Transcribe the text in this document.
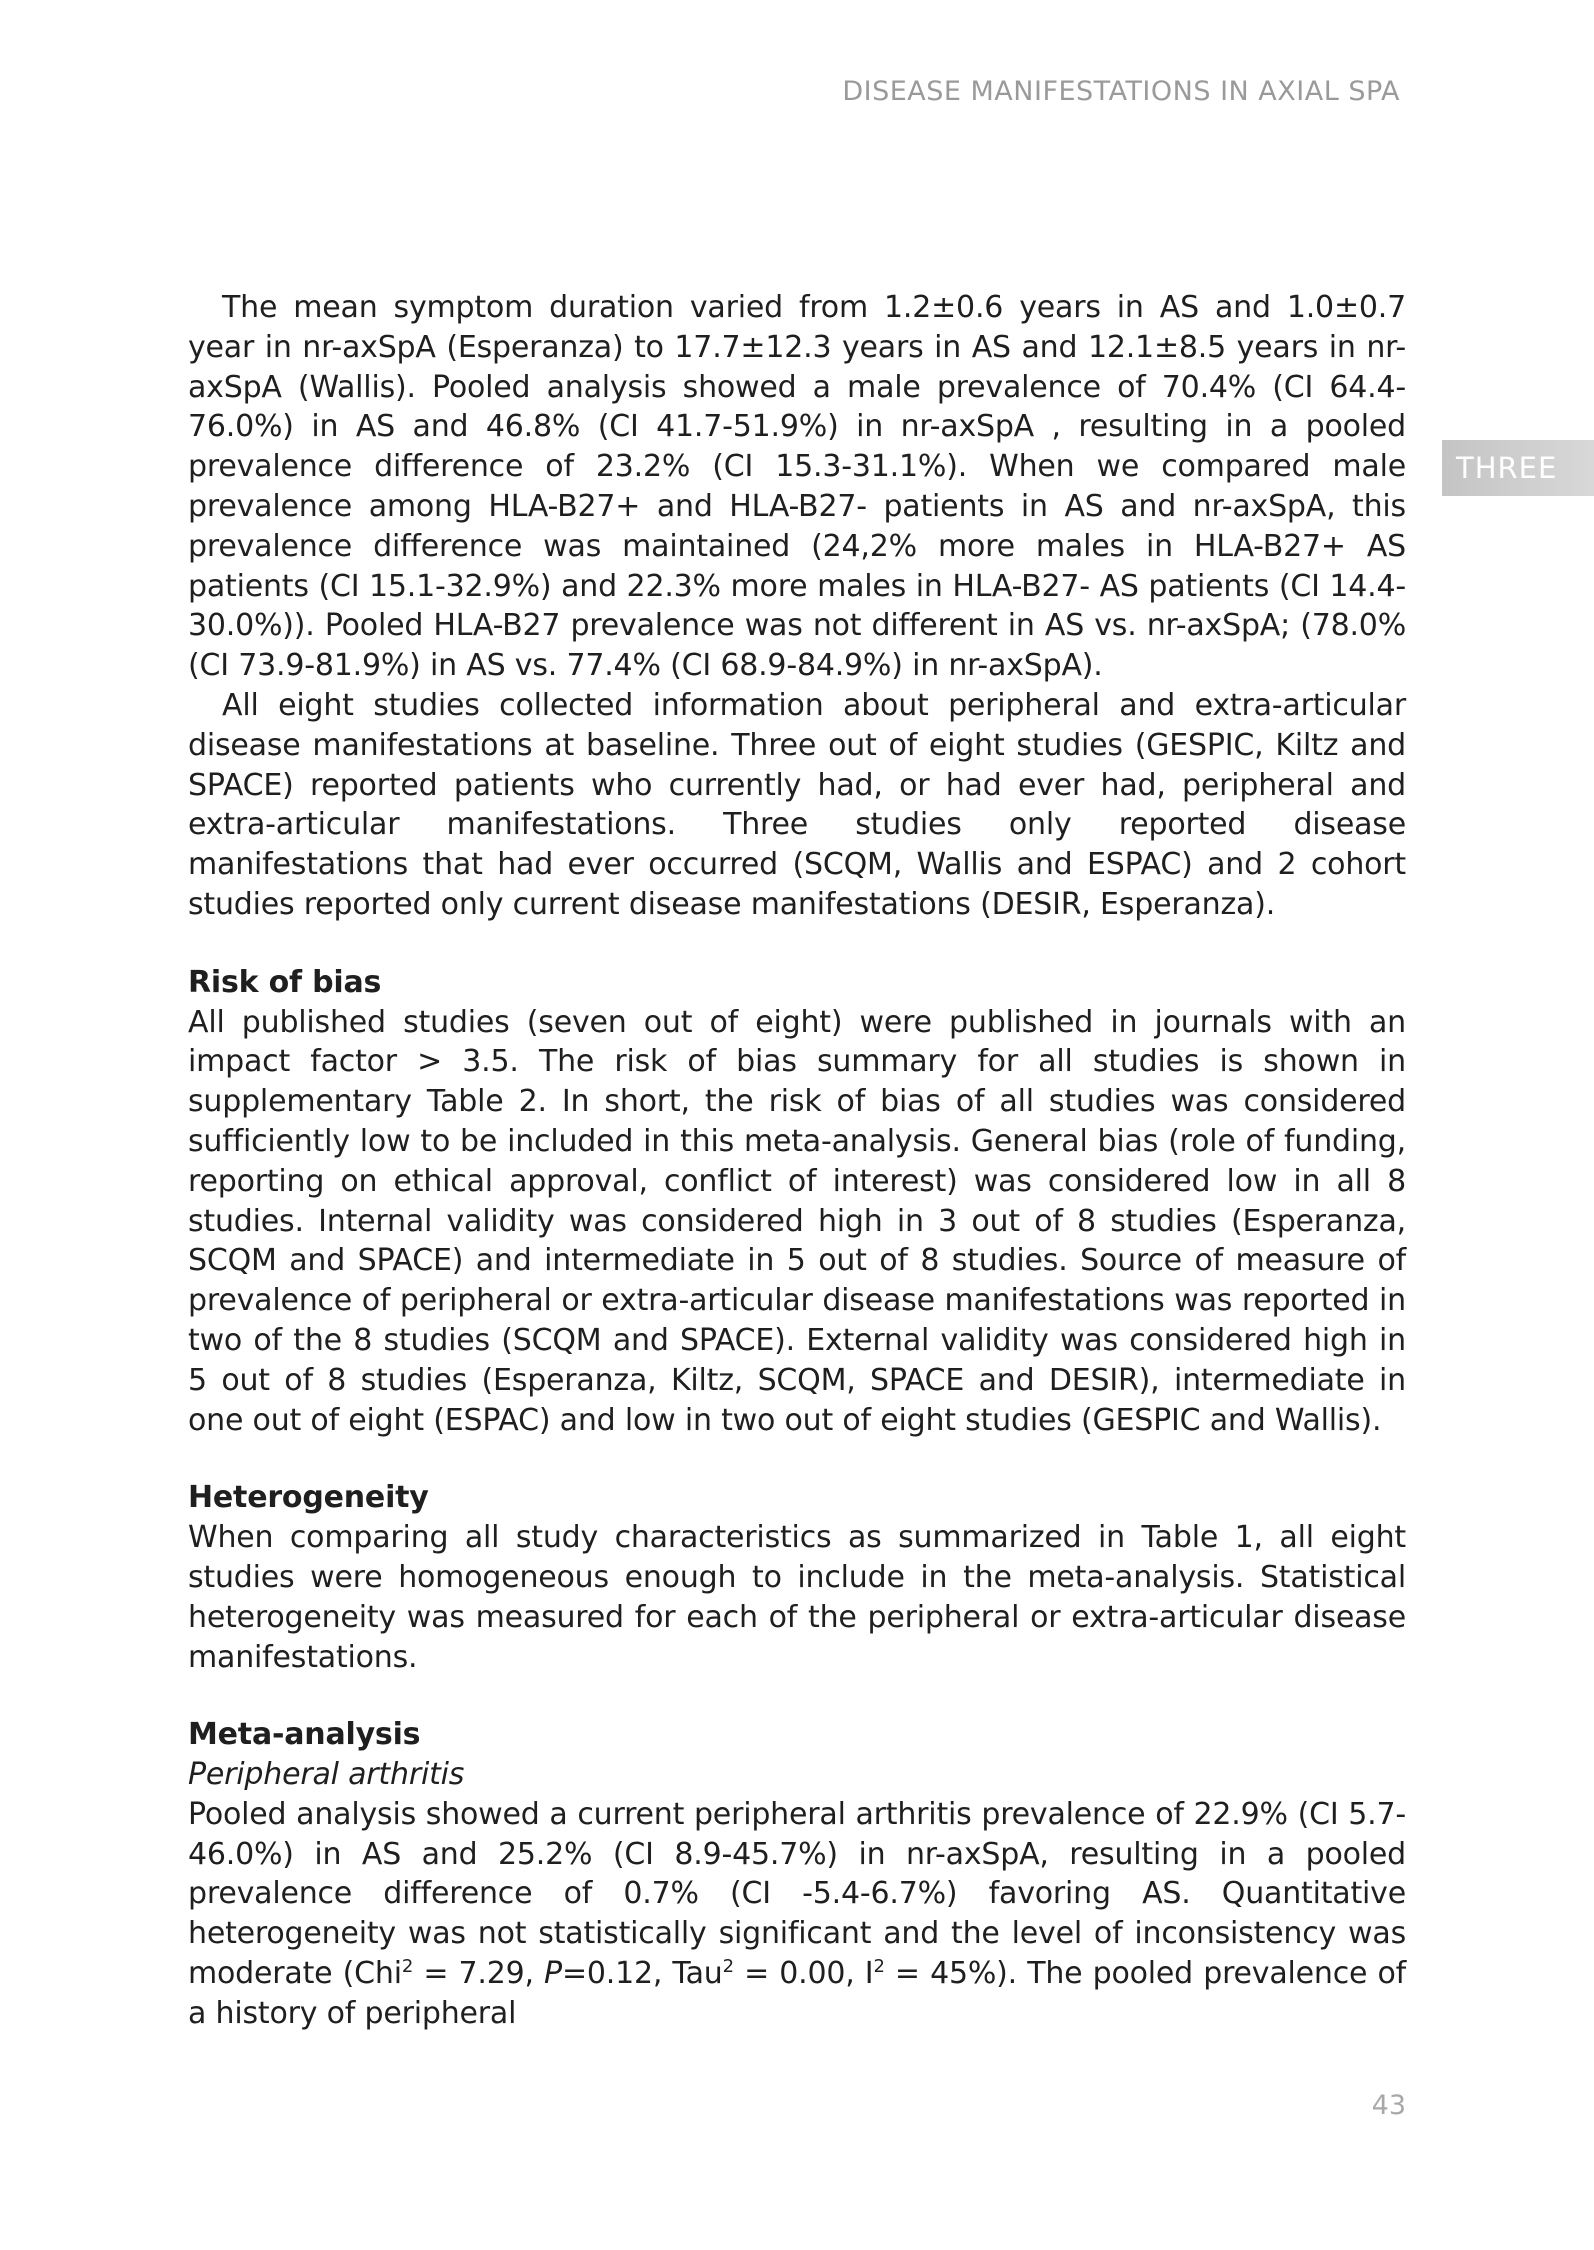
DISEASE MANIFESTATIONS IN AXIAL SPA
THREE

The mean symptom duration varied from 1.2±0.6 years in AS and 1.0±0.7 year in nr-axSpA (Esperanza) to 17.7±12.3 years in AS and 12.1±8.5 years in nr-axSpA (Wallis). Pooled analysis showed a male prevalence of 70.4% (CI 64.4-76.0%) in AS and 46.8% (CI 41.7-51.9%) in nr-axSpA , resulting in a pooled prevalence difference of 23.2% (CI 15.3-31.1%). When we compared male prevalence among HLA-B27+ and HLA-B27- patients in AS and nr-axSpA, this prevalence difference was maintained (24,2% more males in HLA-B27+ AS patients (CI 15.1-32.9%) and 22.3% more males in HLA-B27- AS patients (CI 14.4-30.0%)). Pooled HLA-B27 prevalence was not different in AS vs. nr-axSpA; (78.0% (CI 73.9-81.9%) in AS vs. 77.4% (CI 68.9-84.9%) in nr-axSpA).

All eight studies collected information about peripheral and extra-articular disease manifestations at baseline. Three out of eight studies (GESPIC, Kiltz and SPACE) reported patients who currently had, or had ever had, peripheral and extra-articular manifestations. Three studies only reported disease manifestations that had ever occurred (SCQM, Wallis and ESPAC) and 2 cohort studies reported only current disease manifestations (DESIR, Esperanza).

Risk of bias

All published studies (seven out of eight) were published in journals with an impact factor > 3.5. The risk of bias summary for all studies is shown in supplementary Table 2. In short, the risk of bias of all studies was considered sufficiently low to be included in this meta-analysis. General bias (role of funding, reporting on ethical approval, conflict of interest) was considered low in all 8 studies. Internal validity was considered high in 3 out of 8 studies (Esperanza, SCQM and SPACE) and intermediate in 5 out of 8 studies. Source of measure of prevalence of peripheral or extra-articular disease manifestations was reported in two of the 8 studies (SCQM and SPACE). External validity was considered high in 5 out of 8 studies (Esperanza, Kiltz, SCQM, SPACE and DESIR), intermediate in one out of eight (ESPAC) and low in two out of eight studies (GESPIC and Wallis).

Heterogeneity

When comparing all study characteristics as summarized in Table 1, all eight studies were homogeneous enough to include in the meta-analysis. Statistical heterogeneity was measured for each of the peripheral or extra-articular disease manifestations.

Meta-analysis

Peripheral arthritis

Pooled analysis showed a current peripheral arthritis prevalence of 22.9% (CI 5.7-46.0%) in AS and 25.2% (CI 8.9-45.7%) in nr-axSpA, resulting in a pooled prevalence difference of 0.7% (CI -5.4-6.7%) favoring AS. Quantitative heterogeneity was not statistically significant and the level of inconsistency was moderate (Chi$^2$ = 7.29, P=0.12, Tau$^2$ = 0.00, $I^2 = 45\%$). The pooled prevalence of a history of peripheral

43
